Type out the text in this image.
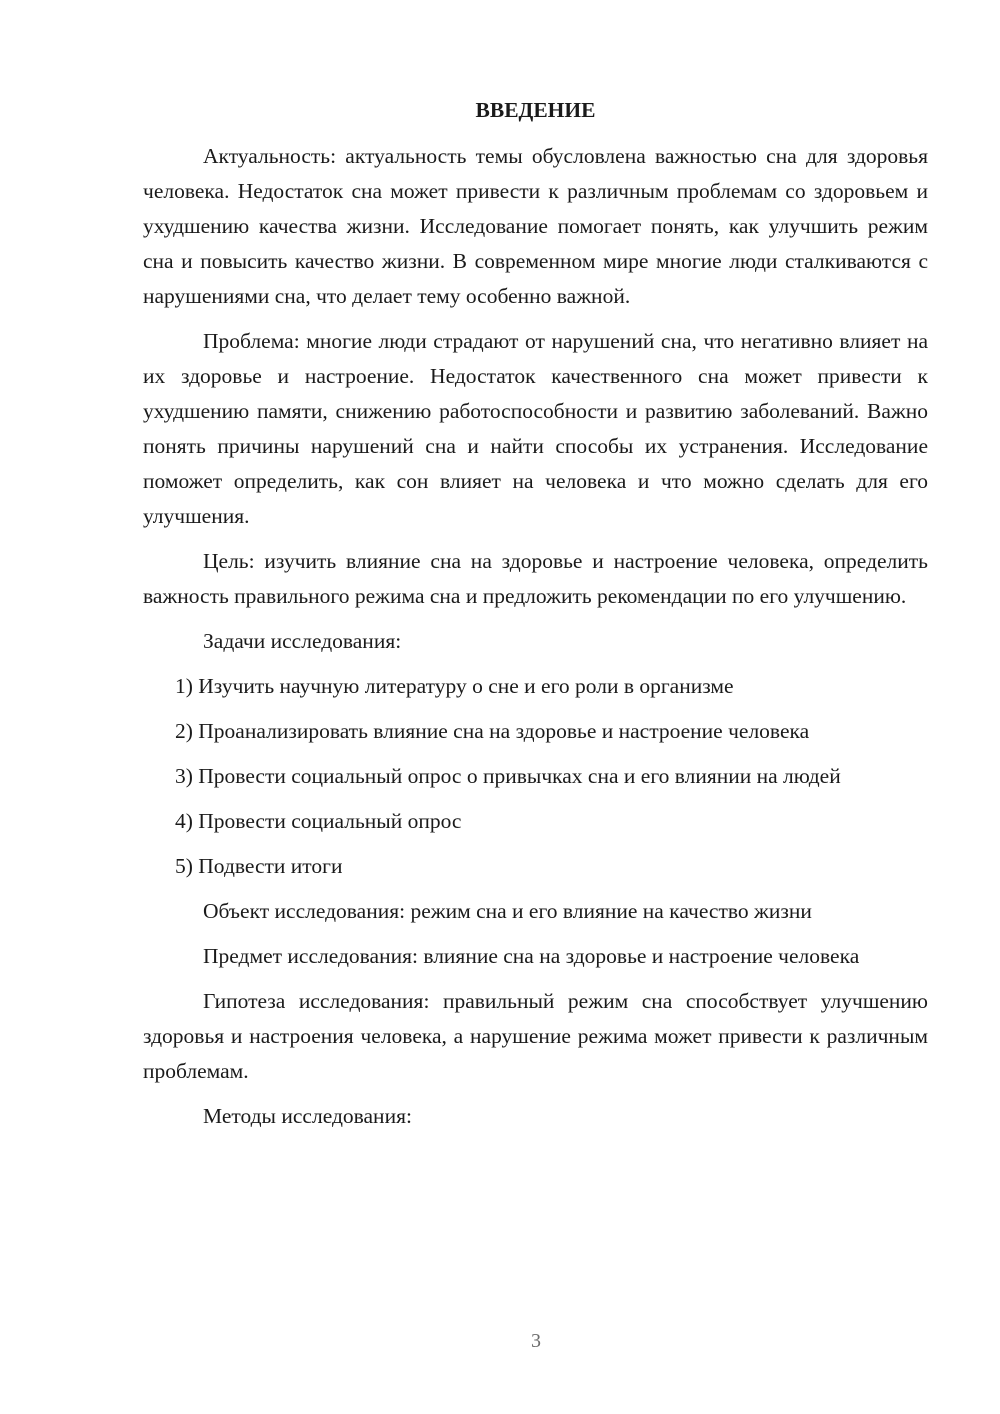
ВВЕДЕНИЕ

Актуальность: актуальность темы обусловлена важностью сна для здоровья человека. Недостаток сна может привести к различным проблемам со здоровьем и ухудшению качества жизни. Исследование помогает понять, как улучшить режим сна и повысить качество жизни. В современном мире многие люди сталкиваются с нарушениями сна, что делает тему особенно важной.

Проблема: многие люди страдают от нарушений сна, что негативно влияет на их здоровье и настроение. Недостаток качественного сна может привести к ухудшению памяти, снижению работоспособности и развитию заболеваний. Важно понять причины нарушений сна и найти способы их устранения. Исследование поможет определить, как сон влияет на человека и что можно сделать для его улучшения.

Цель: изучить влияние сна на здоровье и настроение человека, определить важность правильного режима сна и предложить рекомендации по его улучшению.

Задачи исследования:

1) Изучить научную литературу о сне и его роли в организме

2) Проанализировать влияние сна на здоровье и настроение человека

3) Провести социальный опрос о привычках сна и его влиянии на людей

4) Провести социальный опрос

5) Подвести итоги

Объект исследования: режим сна и его влияние на качество жизни

Предмет исследования: влияние сна на здоровье и настроение человека

Гипотеза исследования: правильный режим сна способствует улучшению здоровья и настроения человека, а нарушение режима может привести к различным проблемам.

Методы исследования:

3
